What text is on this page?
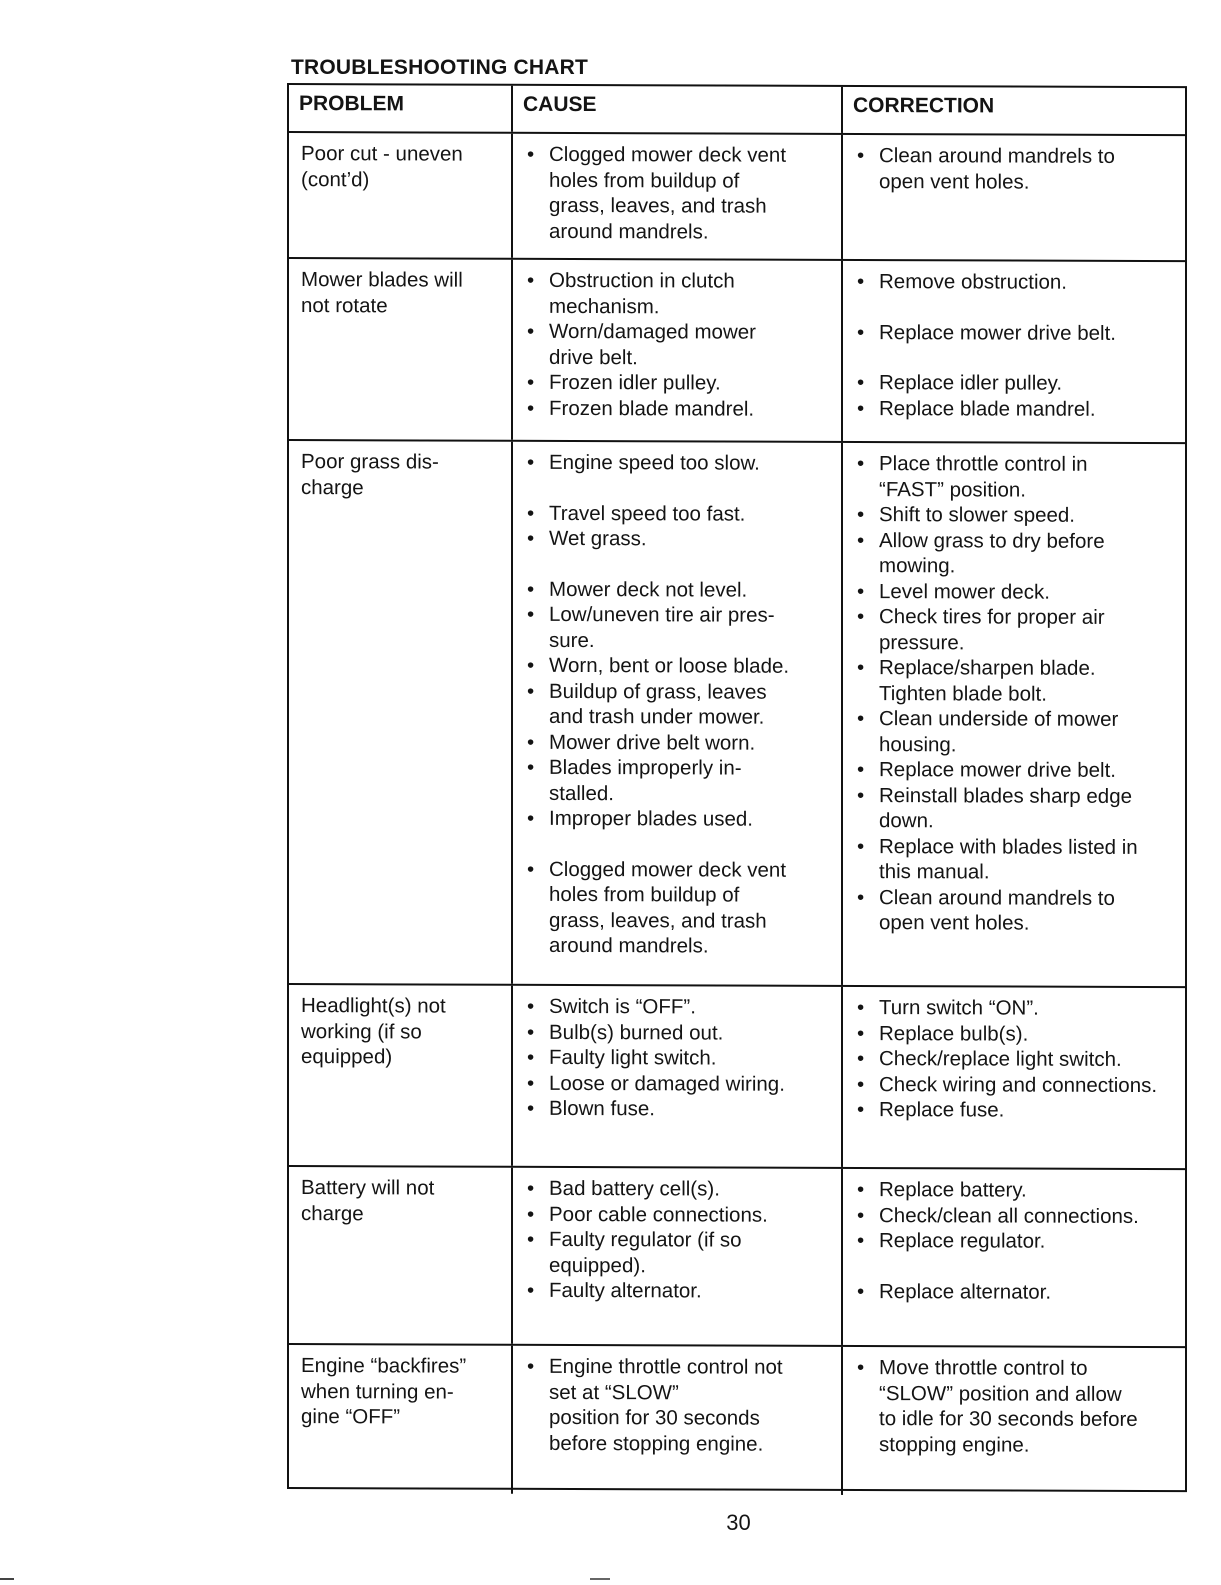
TROUBLESHOOTING CHART
PROBLEM	CAUSE	CORRECTION
Poor cut - uneven
(cont’d)
• Clogged mower deck vent
holes from buildup of
grass, leaves, and trash
around mandrels.
• Clean around mandrels to
open vent holes.
Mower blades will
not rotate
• Obstruction in clutch
mechanism.
• Worn/damaged mower
drive belt.
• Frozen idler pulley.
• Frozen blade mandrel.
• Remove obstruction.
• Replace mower drive belt.
• Replace idler pulley.
• Replace blade mandrel.
Poor grass dis-
charge
• Engine speed too slow.
• Travel speed too fast.
• Wet grass.
• Mower deck not level.
• Low/uneven tire air pres-
sure.
• Worn, bent or loose blade.
• Buildup of grass, leaves
and trash under mower.
• Mower drive belt worn.
• Blades improperly in-
stalled.
• Improper blades used.
• Clogged mower deck vent
holes from buildup of
grass, leaves, and trash
around mandrels.
• Place throttle control in
“FAST” position.
• Shift to slower speed.
• Allow grass to dry before
mowing.
• Level mower deck.
• Check tires for proper air
pressure.
• Replace/sharpen blade.
Tighten blade bolt.
• Clean underside of mower
housing.
• Replace mower drive belt.
• Reinstall blades sharp edge
down.
• Replace with blades listed in
this manual.
• Clean around mandrels to
open vent holes.
Headlight(s) not
working (if so
equipped)
• Switch is “OFF”.
• Bulb(s) burned out.
• Faulty light switch.
• Loose or damaged wiring.
• Blown fuse.
• Turn switch “ON”.
• Replace bulb(s).
• Check/replace light switch.
• Check wiring and connections.
• Replace fuse.
Battery will not
charge
• Bad battery cell(s).
• Poor cable connections.
• Faulty regulator (if so
equipped).
• Faulty alternator.
• Replace battery.
• Check/clean all connections.
• Replace regulator.
• Replace alternator.
Engine “backfires”
when turning en-
gine “OFF”
• Engine throttle control not
set at “SLOW”
position for 30 seconds
before stopping engine.
• Move throttle control to
“SLOW” position and allow
to idle for 30 seconds before
stopping engine.
30
